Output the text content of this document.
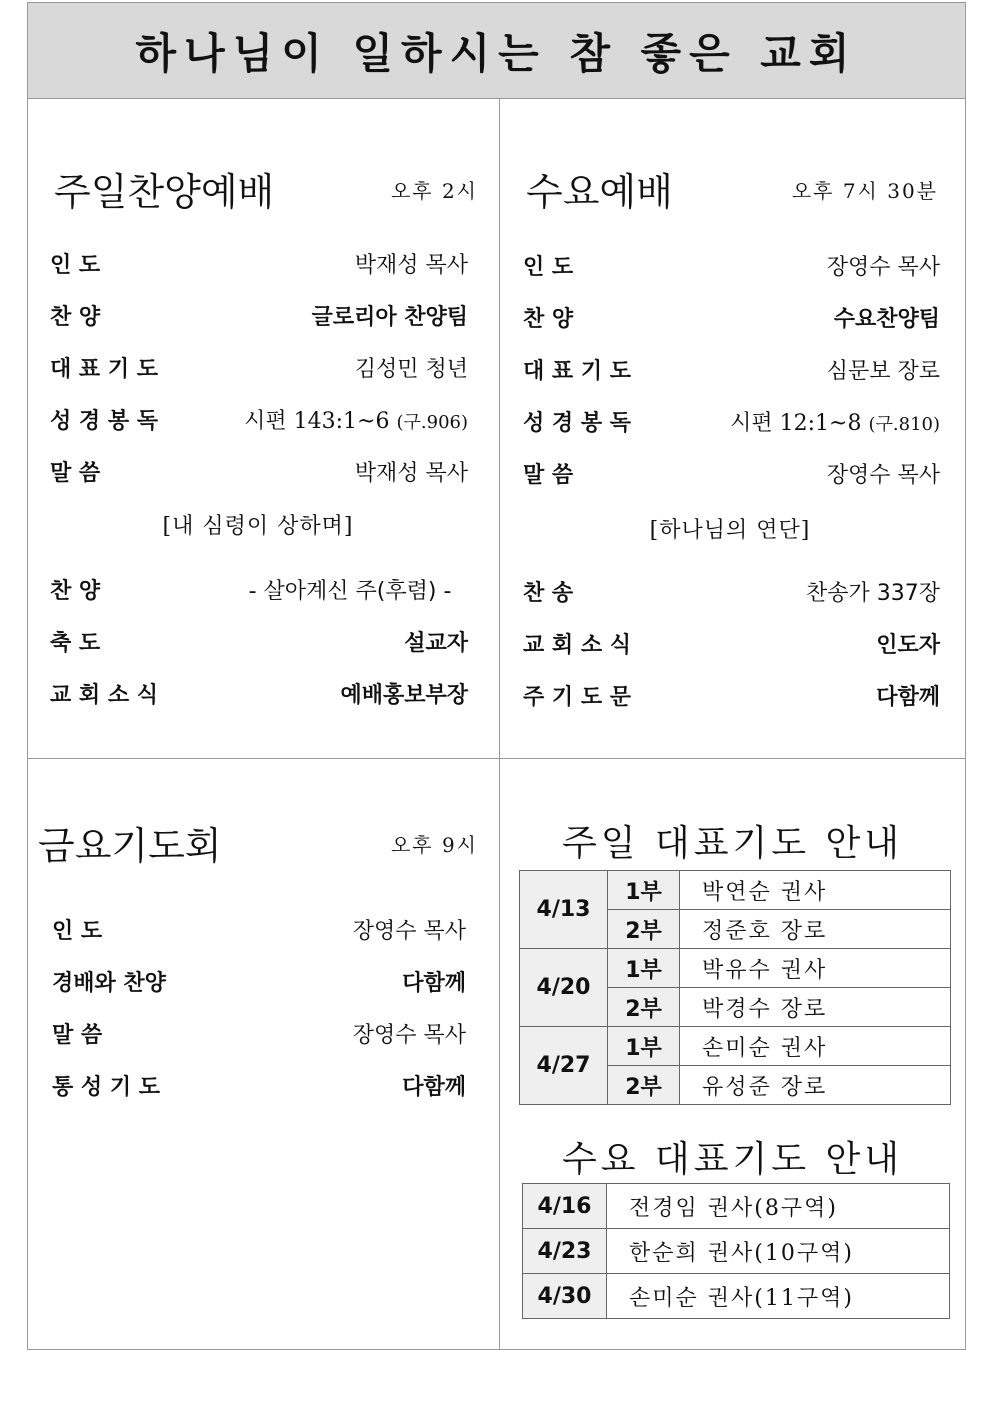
하나님이 일하시는 참 좋은 교회
주일찬양예배	오후 2시
인 도	박재성 목사
찬 양	글로리아 찬양팀
대 표 기 도	김성민 청년
성 경 봉 독	시편 143:1~6 (구.906)
말 씀	박재성 목사
[내 심령이 상하며]
찬 양	- 살아계신 주(후렴) -
축 도	설교자
교 회 소 식	예배홍보부장
수요예배	오후 7시 30분
인 도	장영수 목사
찬 양	수요찬양팀
대 표 기 도	심문보 장로
성 경 봉 독	시편 12:1~8 (구.810)
말 씀	장영수 목사
[하나님의 연단]
찬 송	찬송가 337장
교 회 소 식	인도자
주 기 도 문	다함께
금요기도회	오후 9시
인 도	장영수 목사
경배와 찬양	다함께
말 씀	장영수 목사
통 성 기 도	다함께
주일 대표기도 안내
4/13	1부	박연순 권사
	2부	정준호 장로
4/20	1부	박유수 권사
	2부	박경수 장로
4/27	1부	손미순 권사
	2부	유성준 장로
수요 대표기도 안내
4/16	전경임 권사(8구역)
4/23	한순희 권사(10구역)
4/30	손미순 권사(11구역)
